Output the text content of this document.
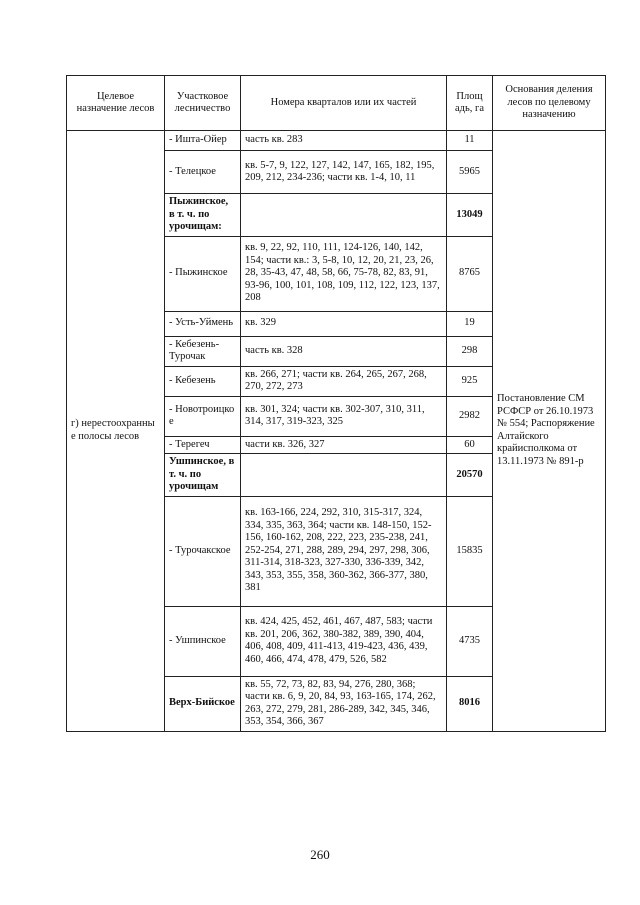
Целевое назначение лесов	Участковое лесничество	Номера кварталов или их частей	Площ адь, га	Основания деления лесов по целевому назначению
г) нерестоохранны е полосы лесов	- Ишта-Ойер	часть кв. 283	11	Постановление СМ РСФСР от 26.10.1973 № 554; Распоряжение Алтайского крайисполкома от 13.11.1973 № 891-р
	- Телецкое	кв. 5-7, 9, 122, 127, 142, 147, 165, 182, 195, 209, 212, 234-236; части кв. 1-4, 10, 11	5965	
	Пыжинское, в т. ч. по урочищам:		13049	
	- Пыжинское	кв. 9, 22, 92, 110, 111, 124-126, 140, 142, 154; части кв.: 3, 5-8, 10, 12, 20, 21, 23, 26, 28, 35-43, 47, 48, 58, 66, 75-78, 82, 83, 91, 93-96, 100, 101, 108, 109, 112, 122, 123, 137, 208	8765	
	- Усть-Уймень	кв. 329	19	
	- Кебезень-Турочак	часть кв. 328	298	
	- Кебезень	кв. 266, 271; части кв. 264, 265, 267, 268, 270, 272, 273	925	
	- Новотроицко е	кв. 301, 324; части кв. 302-307, 310, 311, 314, 317, 319-323, 325	2982	
	- Терегеч	части кв. 326, 327	60	
	Ушпинское, в т. ч. по урочищам		20570	
	- Турочакское	кв. 163-166, 224, 292, 310, 315-317, 324, 334, 335, 363, 364; части кв. 148-150, 152-156, 160-162, 208, 222, 223, 235-238, 241, 252-254, 271, 288, 289, 294, 297, 298, 306, 311-314, 318-323, 327-330, 336-339, 342, 343, 353, 355, 358, 360-362, 366-377, 380, 381	15835	
	- Ушпинское	кв. 424, 425, 452, 461, 467, 487, 583; части кв. 201, 206, 362, 380-382, 389, 390, 404, 406, 408, 409, 411-413, 419-423, 436, 439, 460, 466, 474, 478, 479, 526, 582	4735	
	Верх-Бийское	кв. 55, 72, 73, 82, 83, 94, 276, 280, 368; части кв. 6, 9, 20, 84, 93, 163-165, 174, 262, 263, 272, 279, 281, 286-289, 342, 345, 346, 353, 354, 366, 367	8016	
260
